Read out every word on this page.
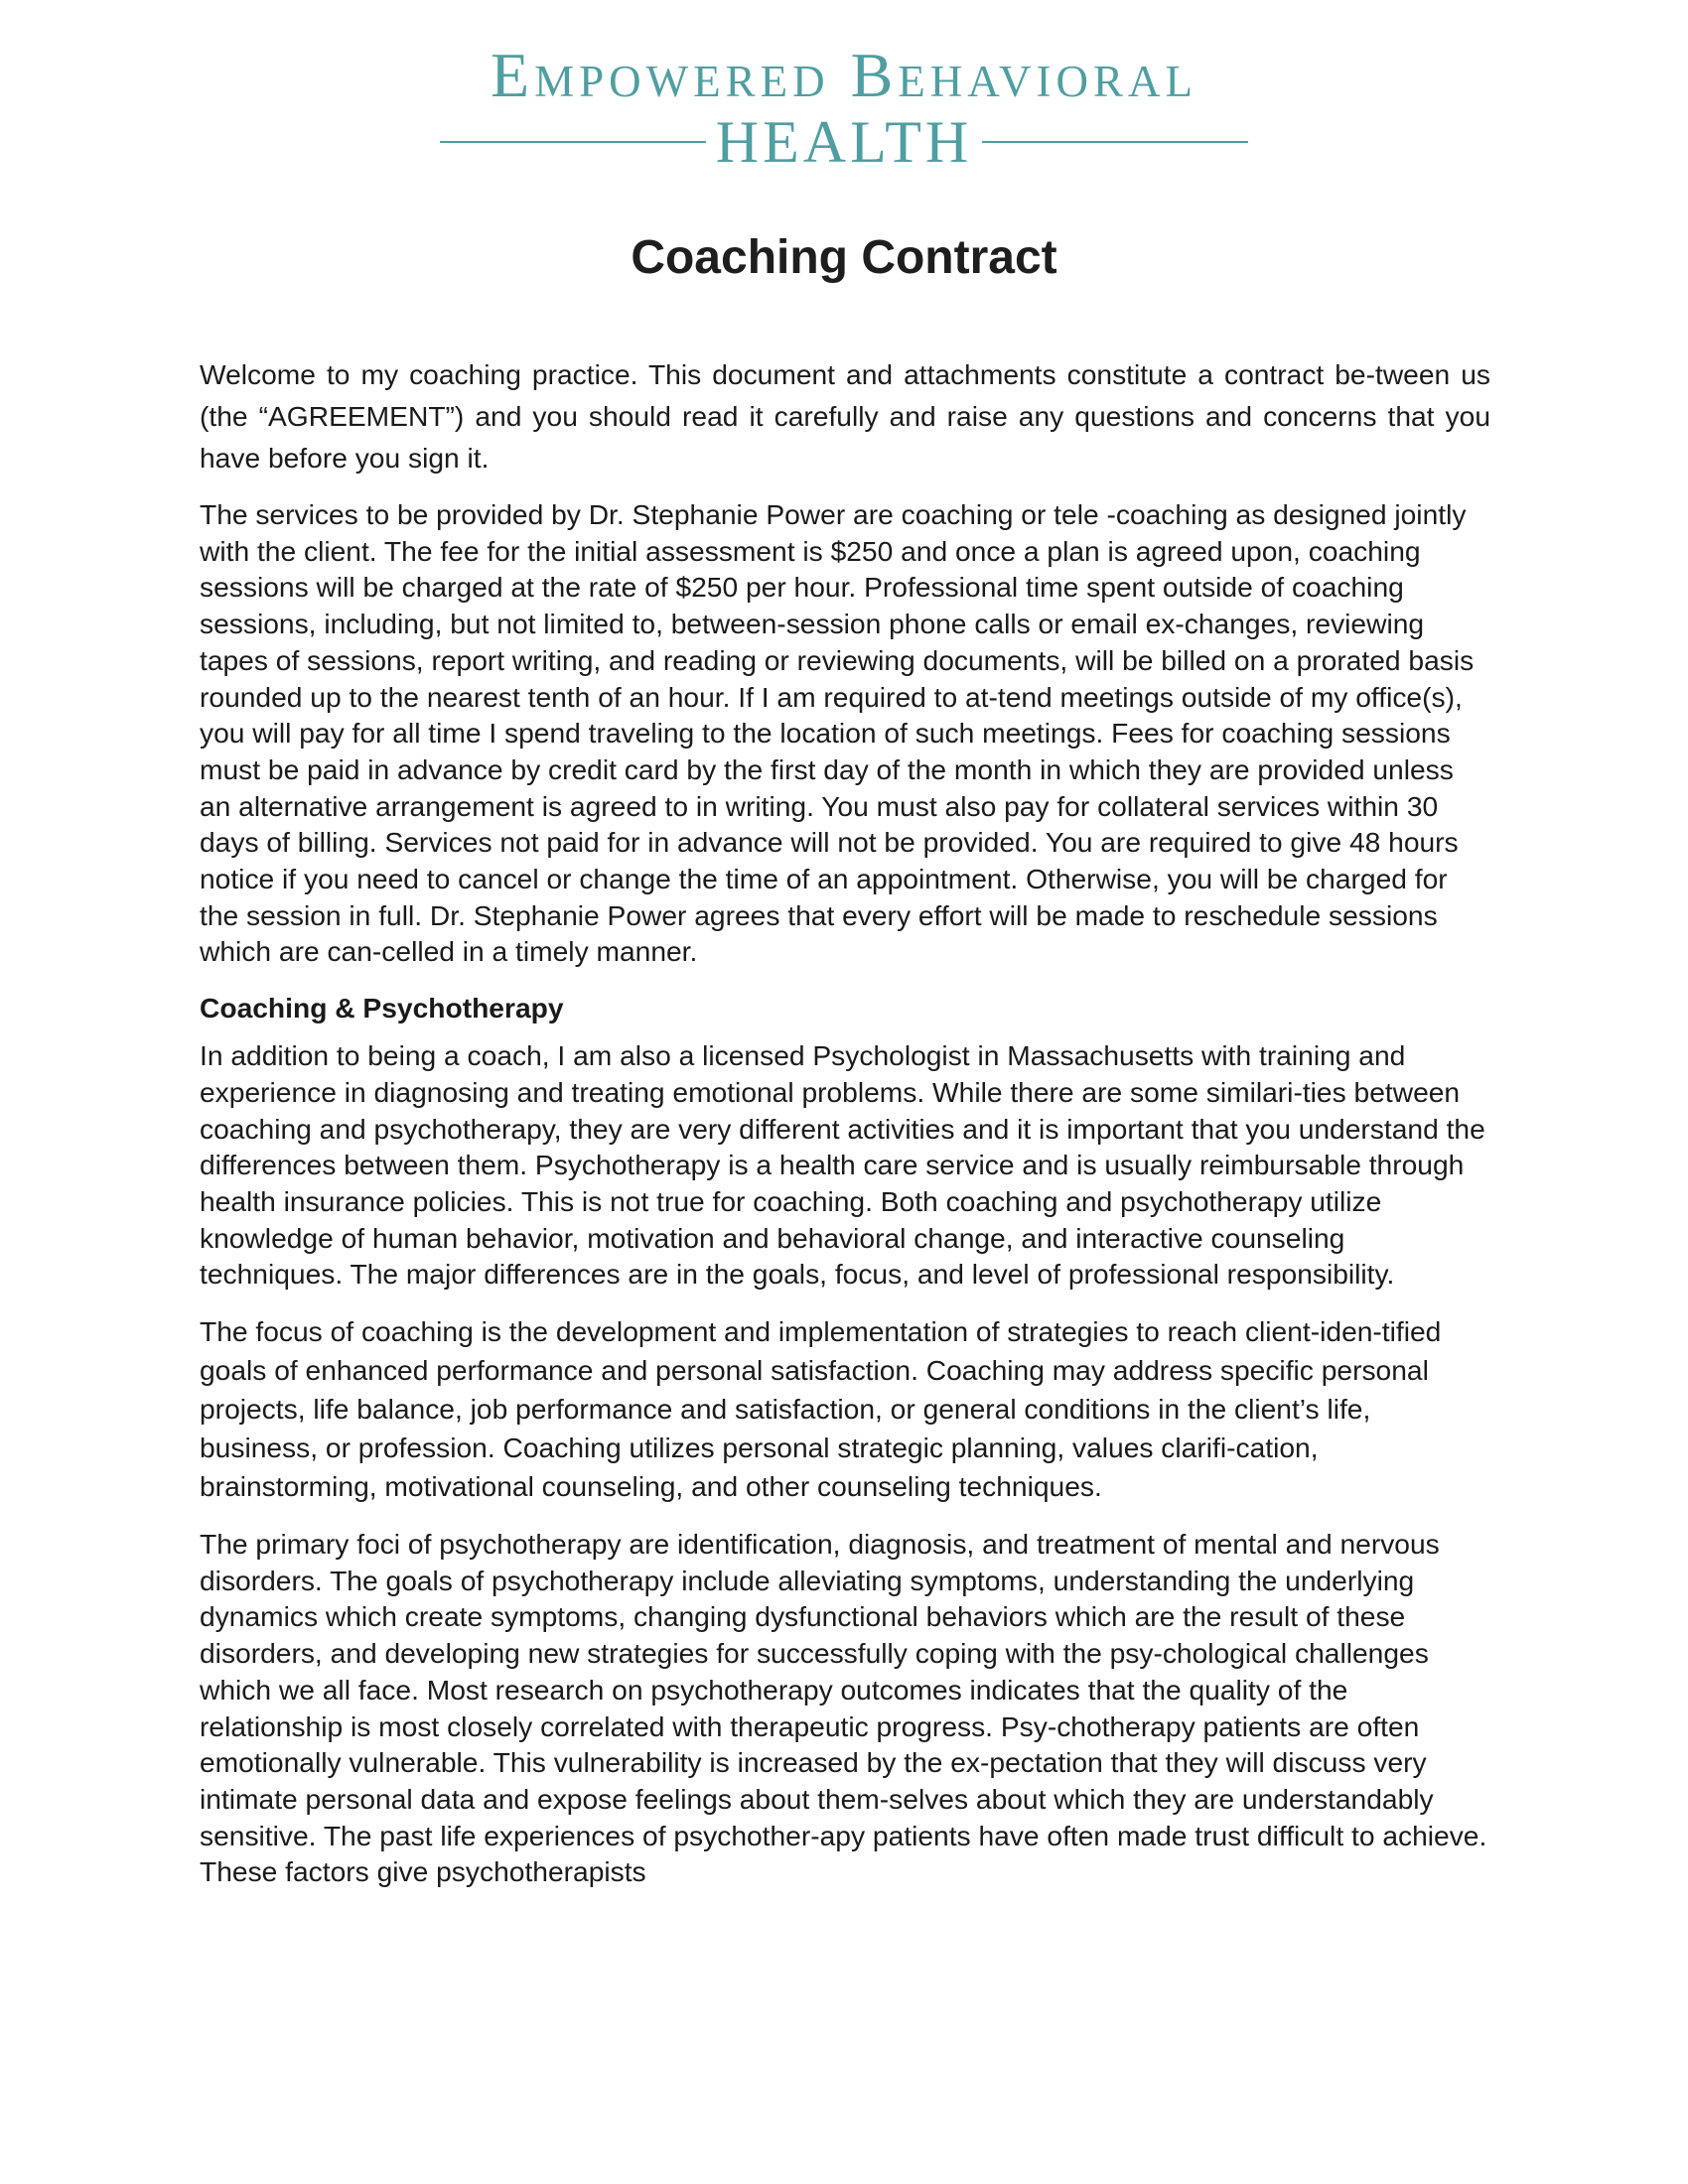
Empowered Behavioral
HEALTH
Coaching Contract

Welcome to my coaching practice. This document and attachments constitute a contract be-tween us (the “AGREEMENT”) and you should read it carefully and raise any questions and concerns that you have before you sign it.

The services to be provided by Dr. Stephanie Power are coaching or tele -coaching as designed jointly with the client. The fee for the initial assessment is $250 and once a plan is agreed upon, coaching sessions will be charged at the rate of $250 per hour. Professional time spent outside of coaching sessions, including, but not limited to, between-session phone calls or email ex-changes, reviewing tapes of sessions, report writing, and reading or reviewing documents, will be billed on a prorated basis rounded up to the nearest tenth of an hour. If I am required to at-tend meetings outside of my office(s), you will pay for all time I spend traveling to the location of such meetings. Fees for coaching sessions must be paid in advance by credit card by the first day of the month in which they are provided unless an alternative arrangement is agreed to in writing. You must also pay for collateral services within 30 days of billing. Services not paid for in advance will not be provided. You are required to give 48 hours notice if you need to cancel or change the time of an appointment. Otherwise, you will be charged for the session in full. Dr. Stephanie Power agrees that every effort will be made to reschedule sessions which are can-celled in a timely manner.

Coaching & Psychotherapy

In addition to being a coach, I am also a licensed Psychologist in Massachusetts with training and experience in diagnosing and treating emotional problems. While there are some similari-ties between coaching and psychotherapy, they are very different activities and it is important that you understand the differences between them. Psychotherapy is a health care service and is usually reimbursable through health insurance policies. This is not true for coaching. Both coaching and psychotherapy utilize knowledge of human behavior, motivation and behavioral change, and interactive counseling techniques. The major differences are in the goals, focus, and level of professional responsibility.

The focus of coaching is the development and implementation of strategies to reach client-iden-tified goals of enhanced performance and personal satisfaction. Coaching may address specific personal projects, life balance, job performance and satisfaction, or general conditions in the client’s life, business, or profession. Coaching utilizes personal strategic planning, values clarifi-cation, brainstorming, motivational counseling, and other counseling techniques.

The primary foci of psychotherapy are identification, diagnosis, and treatment of mental and nervous disorders. The goals of psychotherapy include alleviating symptoms, understanding the underlying dynamics which create symptoms, changing dysfunctional behaviors which are the result of these disorders, and developing new strategies for successfully coping with the psy-chological challenges which we all face. Most research on psychotherapy outcomes indicates that the quality of the relationship is most closely correlated with therapeutic progress. Psy-chotherapy patients are often emotionally vulnerable. This vulnerability is increased by the ex-pectation that they will discuss very intimate personal data and expose feelings about them-selves about which they are understandably sensitive. The past life experiences of psychother-apy patients have often made trust difficult to achieve. These factors give psychotherapists
